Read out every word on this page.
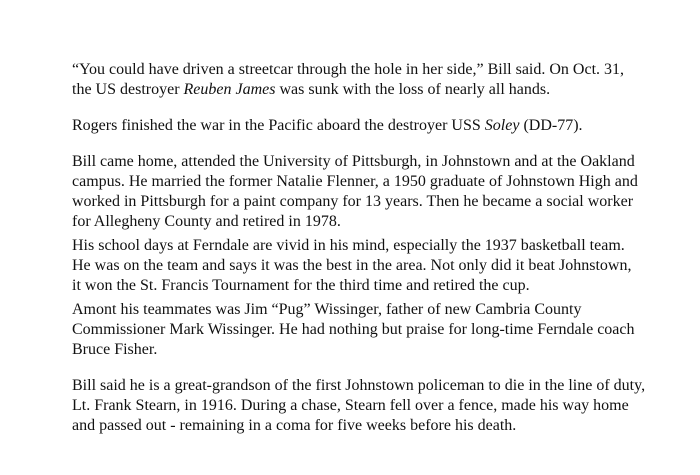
“You could have driven a streetcar through the hole in her side,” Bill said. On Oct. 31,
the US destroyer Reuben James was sunk with the loss of nearly all hands.

Rogers finished the war in the Pacific aboard the destroyer USS Soley (DD-77).

Bill came home, attended the University of Pittsburgh, in Johnstown and at the Oakland
campus. He married the former Natalie Flenner, a 1950 graduate of Johnstown High and
worked in Pittsburgh for a paint company for 13 years. Then he became a social worker
for Allegheny County and retired in 1978.

His school days at Ferndale are vivid in his mind, especially the 1937 basketball team.
He was on the team and says it was the best in the area. Not only did it beat Johnstown,
it won the St. Francis Tournament for the third time and retired the cup.

Amont his teammates was Jim “Pug” Wissinger, father of new Cambria County
Commissioner Mark Wissinger. He had nothing but praise for long-time Ferndale coach
Bruce Fisher.

Bill said he is a great-grandson of the first Johnstown policeman to die in the line of duty,
Lt. Frank Stearn, in 1916. During a chase, Stearn fell over a fence, made his way home
and passed out - remaining in a coma for five weeks before his death.
